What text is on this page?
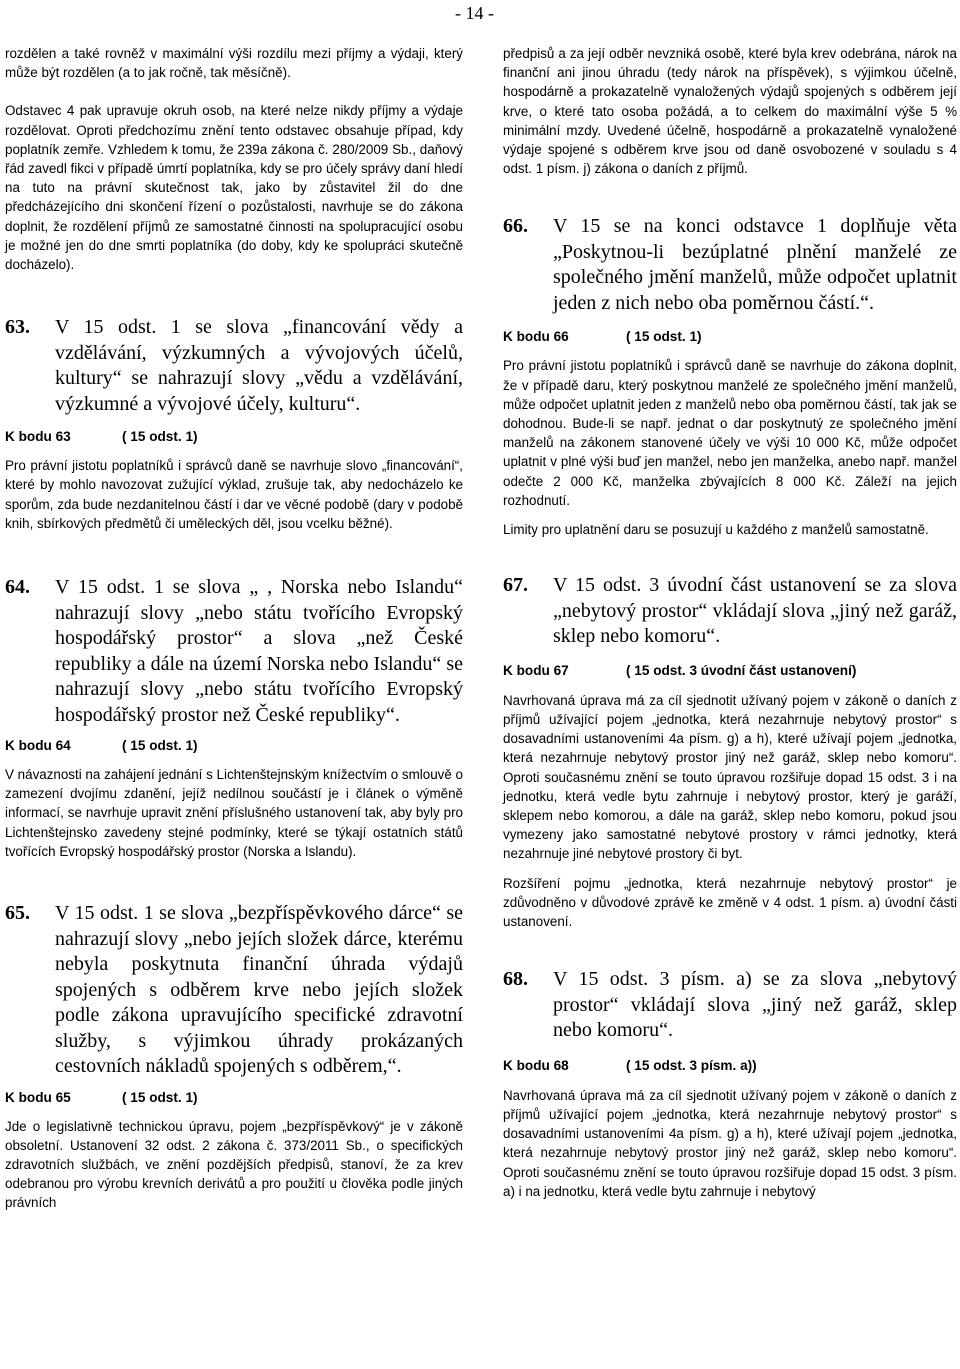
- 14 -

rozdělen a také rovněž v maximální výši rozdílu mezi příjmy a výdaji, který může být rozdělen (a to jak ročně, tak měsíčně).

Odstavec 4 pak upravuje okruh osob, na které nelze nikdy příjmy a výdaje rozdělovat. Oproti předchozímu znění tento odstavec obsahuje případ, kdy poplatník zemře. Vzhledem k tomu, že 239a zákona č. 280/2009 Sb., daňový řád zavedl fikci v případě úmrtí poplatníka, kdy se pro účely správy daní hledí na tuto na právní skutečnost tak, jako by zůstavitel žil do dne předcházejícího dni skončení řízení o pozůstalosti, navrhuje se do zákona doplnit, že rozdělení příjmů ze samostatné činnosti na spolupracující osobu je možné jen do dne smrti poplatníka (do doby, kdy ke spolupráci skutečně docházelo).

63.	V 15 odst. 1 se slova „financování vědy a vzdělávání, výzkumných a vývojových účelů, kultury“ se nahrazují slovy „vědu a vzdělávání, výzkumné a vývojové účely, kulturu“.

K bodu 63	( 15 odst. 1)

Pro právní jistotu poplatníků i správců daně se navrhuje slovo „financování“, které by mohlo navozovat zužující výklad, zrušuje tak, aby nedocházelo ke sporům, zda bude nezdanitelnou částí i dar ve věcné podobě (dary v podobě knih, sbírkových předmětů či uměleckých děl, jsou vcelku běžné).

64.	V 15 odst. 1 se slova „ , Norska nebo Islandu“ nahrazují slovy „nebo státu tvořícího Evropský hospodářský prostor“ a slova „než České republiky a dále na území Norska nebo Islandu“ se nahrazují slovy „nebo státu tvořícího Evropský hospodářský prostor než České republiky“.

K bodu 64	( 15 odst. 1)

V návaznosti na zahájení jednání s Lichtenštejnským knížectvím o smlouvě o zamezení dvojímu zdanění, jejíž nedílnou součástí je i článek o výměně informací, se navrhuje upravit znění příslušného ustanovení tak, aby byly pro Lichtenštejnsko zavedeny stejné podmínky, které se týkají ostatních států tvořících Evropský hospodářský prostor (Norska a Islandu).

65.	V 15 odst. 1 se slova „bezpříspěvkového dárce“ se nahrazují slovy „nebo jejích složek dárce, kterému nebyla poskytnuta finanční úhrada výdajů spojených s odběrem krve nebo jejích složek podle zákona upravujícího specifické zdravotní služby, s výjimkou úhrady prokázaných cestovních nákladů spojených s odběrem,“.

K bodu 65	( 15 odst. 1)

Jde o legislativně technickou úpravu, pojem „bezpříspěvkový“ je v zákoně obsoletní. Ustanovení 32 odst. 2 zákona č. 373/2011 Sb., o specifických zdravotních službách, ve znění pozdějších předpisů, stanoví, že za krev odebranou pro výrobu krevních derivátů a pro použití u člověka podle jiných právních

předpisů a za její odběr nevzniká osobě, které byla krev odebrána, nárok na finanční ani jinou úhradu (tedy nárok na příspěvek), s výjimkou účelně, hospodárně a prokazatelně vynaložených výdajů spojených s odběrem její krve, o které tato osoba požádá, a to celkem do maximální výše 5 % minimální mzdy. Uvedené účelně, hospodárně a prokazatelně vynaložené výdaje spojené s odběrem krve jsou od daně osvobozené v souladu s 4 odst. 1 písm. j) zákona o daních z příjmů.

66.	V 15 se na konci odstavce 1 doplňuje věta „Poskytnou-li bezúplatné plnění manželé ze společného jmění manželů, může odpočet uplatnit jeden z nich nebo oba poměrnou částí.“.

K bodu 66	( 15 odst. 1)

Pro právní jistotu poplatníků i správců daně se navrhuje do zákona doplnit, že v případě daru, který poskytnou manželé ze společného jmění manželů, může odpočet uplatnit jeden z manželů nebo oba poměrnou částí, tak jak se dohodnou. Bude-li se např. jednat o dar poskytnutý ze společného jmění manželů na zákonem stanovené účely ve výši 10 000 Kč, může odpočet uplatnit v plné výši buď jen manžel, nebo jen manželka, anebo např. manžel odečte 2 000 Kč, manželka zbývajících 8 000 Kč. Záleží na jejich rozhodnutí.

Limity pro uplatnění daru se posuzují u každého z manželů samostatně.

67.	V 15 odst. 3 úvodní část ustanovení se za slova „nebytový prostor“ vkládají slova „jiný než garáž, sklep nebo komoru“.

K bodu 67	( 15 odst. 3 úvodní část ustanovení)

Navrhovaná úprava má za cíl sjednotit užívaný pojem v zákoně o daních z příjmů užívající pojem „jednotka, která nezahrnuje nebytový prostor“ s dosavadními ustanoveními 4a písm. g) a h), které užívají pojem „jednotka, která nezahrnuje nebytový prostor jiný než garáž, sklep nebo komoru“. Oproti současnému znění se touto úpravou rozšiřuje dopad 15 odst. 3 i na jednotku, která vedle bytu zahrnuje i nebytový prostor, který je garáží, sklepem nebo komorou, a dále na garáž, sklep nebo komoru, pokud jsou vymezeny jako samostatné nebytové prostory v rámci jednotky, která nezahrnuje jiné nebytové prostory či byt.

Rozšíření pojmu „jednotka, která nezahrnuje nebytový prostor“ je zdůvodněno v důvodové zprávě ke změně v 4 odst. 1 písm. a) úvodní části ustanovení.

68.	V 15 odst. 3 písm. a) se za slova „nebytový prostor“ vkládají slova „jiný než garáž, sklep nebo komoru“.

K bodu 68	( 15 odst. 3 písm. a))

Navrhovaná úprava má za cíl sjednotit užívaný pojem v zákoně o daních z příjmů užívající pojem „jednotka, která nezahrnuje nebytový prostor“ s dosavadními ustanoveními 4a písm. g) a h), které užívají pojem „jednotka, která nezahrnuje nebytový prostor jiný než garáž, sklep nebo komoru“. Oproti současnému znění se touto úpravou rozšiřuje dopad 15 odst. 3 písm. a) i na jednotku, která vedle bytu zahrnuje i nebytový
